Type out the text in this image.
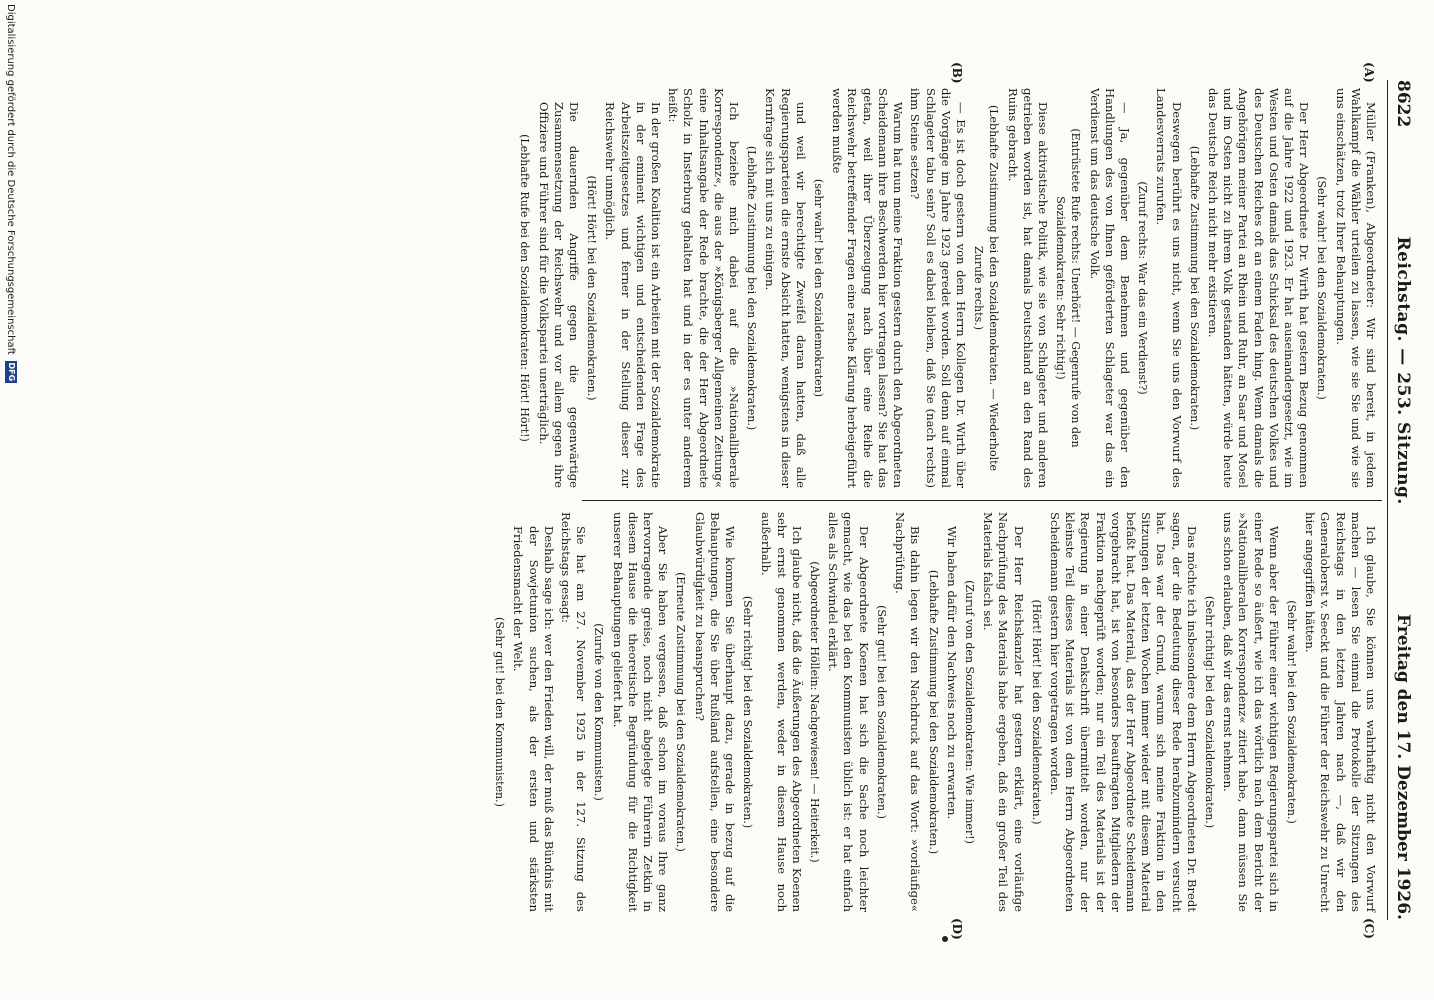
8622
Reichstag. — 253. Sitzung.
Freitag den 17. Dezember 1926.
(A)
(B)
(C)
(D)

Müller (Franken), Abgeordneter: Wir sind bereit, in jedem Wahlkampf die Wähler urteilen zu lassen, wie sie Sie und wie sie uns einschätzen, trotz Ihrer Behauptungen.

(Sehr wahr! bei den Sozialdemokraten.)

Der Herr Abgeordnete Dr. Wirth hat gestern Bezug genommen auf die Jahre 1922 und 1923. Er hat auseinandergesetzt, wie im Westen und Osten damals das Schicksal des deutschen Volkes und des Deutschen Reiches oft an einem Faden hing. Wenn damals die Angehörigen meiner Partei an Rhein und Ruhr, an Saar und Mosel und im Osten nicht zu ihrem Volk gestanden hätten, würde heute das Deutsche Reich nicht mehr existieren.

(Lebhafte Zustimmung bei den Sozialdemokraten.)

Deswegen berührt es uns nicht, wenn Sie uns den Vorwurf des Landesverrats zurufen.

(Zuruf rechts: War das ein Verdienst?)

— Ja, gegenüber dem Benehmen und gegenüber den Handlungen des von Ihnen geförderten Schlageter war das ein Verdienst um das deutsche Volk.

(Entrüstete Rufe rechts: Unerhört! — Gegenrufe von den Sozialdemokraten: Sehr richtig!)

Diese aktivistische Politik, wie sie von Schlageter und anderen getrieben worden ist, hat damals Deutschland an den Rand des Ruins gebracht.

(Lebhafte Zustimmung bei den Sozialdemokraten. — Wiederholte Zurufe rechts.)

— Es ist doch gestern von dem Herrn Kollegen Dr. Wirth über die Vorgänge im Jahre 1923 geredet worden. Soll denn auf einmal Schlageter tabu sein? Soll es dabei bleiben, daß Sie (nach rechts) ihm Steine setzen?

Warum hat nun meine Fraktion gestern durch den Abgeordneten Scheidemann ihre Beschwerden hier vortragen lassen? Sie hat das getan, weil ihrer Überzeugung nach über eine Reihe die Reichswehr betreffender Fragen eine rasche Klärung herbeigeführt werden mußte

(sehr wahr! bei den Sozialdemokraten)

und weil wir berechtigte Zweifel daran hatten, daß alle Regierungsparteien die ernste Absicht hatten, wenigstens in dieser Kernfrage sich mit uns zu einigen.

(Lebhafte Zustimmung bei den Sozialdemokraten.)

Ich beziehe mich dabei auf die »Nationalliberale Korrespondenz«, die aus der »Königsberger Allgemeinen Zeitung« eine Inhaltsangabe der Rede brachte, die der Herr Abgeordnete Scholz in Insterburg gehalten hat und in der es unter anderem heißt:

In der großen Koalition ist ein Arbeiten mit der Sozialdemokratie in der eminent wichtigen und entscheidenden Frage des Arbeitszeitgesetzes und ferner in der Stellung dieser zur Reichswehr unmöglich.

(Hört! Hört! bei den Sozialdemokraten.)

Die dauernden Angriffe gegen die gegenwärtige Zusammensetzung der Reichswehr und vor allem gegen ihre Offiziere und Führer sind für die Volkspartei unerträglich.

(Lebhafte Rufe bei den Sozialdemokraten: Hört! Hört!)

Ich glaube, Sie können uns wahrhaftig nicht den Vorwurf machen — lesen Sie einmal die Protokolle der Sitzungen des Reichstags in den letzten Jahren nach —, daß wir den Generaloberst v. Seeckt und die Führer der Reichswehr zu Unrecht hier angegriffen hätten.

(Sehr wahr! bei den Sozialdemokraten.)

Wenn aber der Führer einer wichtigen Regierungspartei sich in einer Rede so äußert, wie ich das wörtlich nach dem Bericht der »Nationalliberalen Korrespondenz« zitiert habe, dann müssen Sie uns schon erlauben, daß wir das ernst nehmen.

(Sehr richtig! bei den Sozialdemokraten.)

Das möchte ich insbesondere dem Herrn Abgeordneten Dr. Bredt sagen, der die Bedeutung dieser Rede herabzumindern versucht hat. Das war der Grund, warum sich meine Fraktion in den Sitzungen der letzten Wochen immer wieder mit diesem Material befaßt hat. Das Material, das der Herr Abgeordnete Scheidemann vorgebracht hat, ist von besonders beauftragten Mitgliedern der Fraktion nachgeprüft worden; nur ein Teil des Materials ist der Regierung in einer Denkschrift übermittelt worden, nur der kleinste Teil dieses Materials ist von dem Herrn Abgeordneten Scheidemann gestern hier vorgetragen worden.

(Hört! Hört! bei den Sozialdemokraten.)

Der Herr Reichskanzler hat gestern erklärt, eine vorläufige Nachprüfung des Materials habe ergeben, daß ein großer Teil des Materials falsch sei.

(Zuruf von den Sozialdemokraten: Wie immer!)

Wir haben dafür den Nachweis noch zu erwarten.

(Lebhafte Zustimmung bei den Sozialdemokraten.)

Bis dahin legen wir den Nachdruck auf das Wort: »vorläufige« Nachprüfung.

(Sehr gut! bei den Sozialdemokraten.)

Der Abgeordnete Koenen hat sich die Sache noch leichter gemacht, wie das bei den Kommunisten üblich ist: er hat einfach alles als Schwindel erklärt.

(Abgeordneter Höllein: Nachgewiesen! — Heiterkeit.)

Ich glaube nicht, daß die Äußerungen des Abgeordneten Koenen sehr ernst genommen werden, weder in diesem Hause noch außerhalb.

(Sehr richtig! bei den Sozialdemokraten.)

Wie kommen Sie überhaupt dazu, gerade in bezug auf die Behauptungen, die Sie über Rußland aufstellen, eine besondere Glaubwürdigkeit zu beanspruchen?

(Erneute Zustimmung bei den Sozialdemokraten.)

Aber Sie haben vergessen, daß schon im voraus Ihre ganz hervorragende greise, noch nicht abgelegte Führerin Zetkin in diesem Hause die theoretische Begründung für die Richtigkeit unserer Behauptungen geliefert hat.

(Zurufe von den Kommunisten.)

Sie hat am 27. November 1925 in der 127. Sitzung des Reichstags gesagt:

Deshalb sage ich: wer den Frieden will, der muß das Bündnis mit der Sowjetunion suchen, als der ersten und stärksten Friedensmacht der Welt.

(Sehr gut! bei den Kommunisten.)

Digitalisierung gefördert durch die Deutsche Forschungsgemeinschaft
DFG
